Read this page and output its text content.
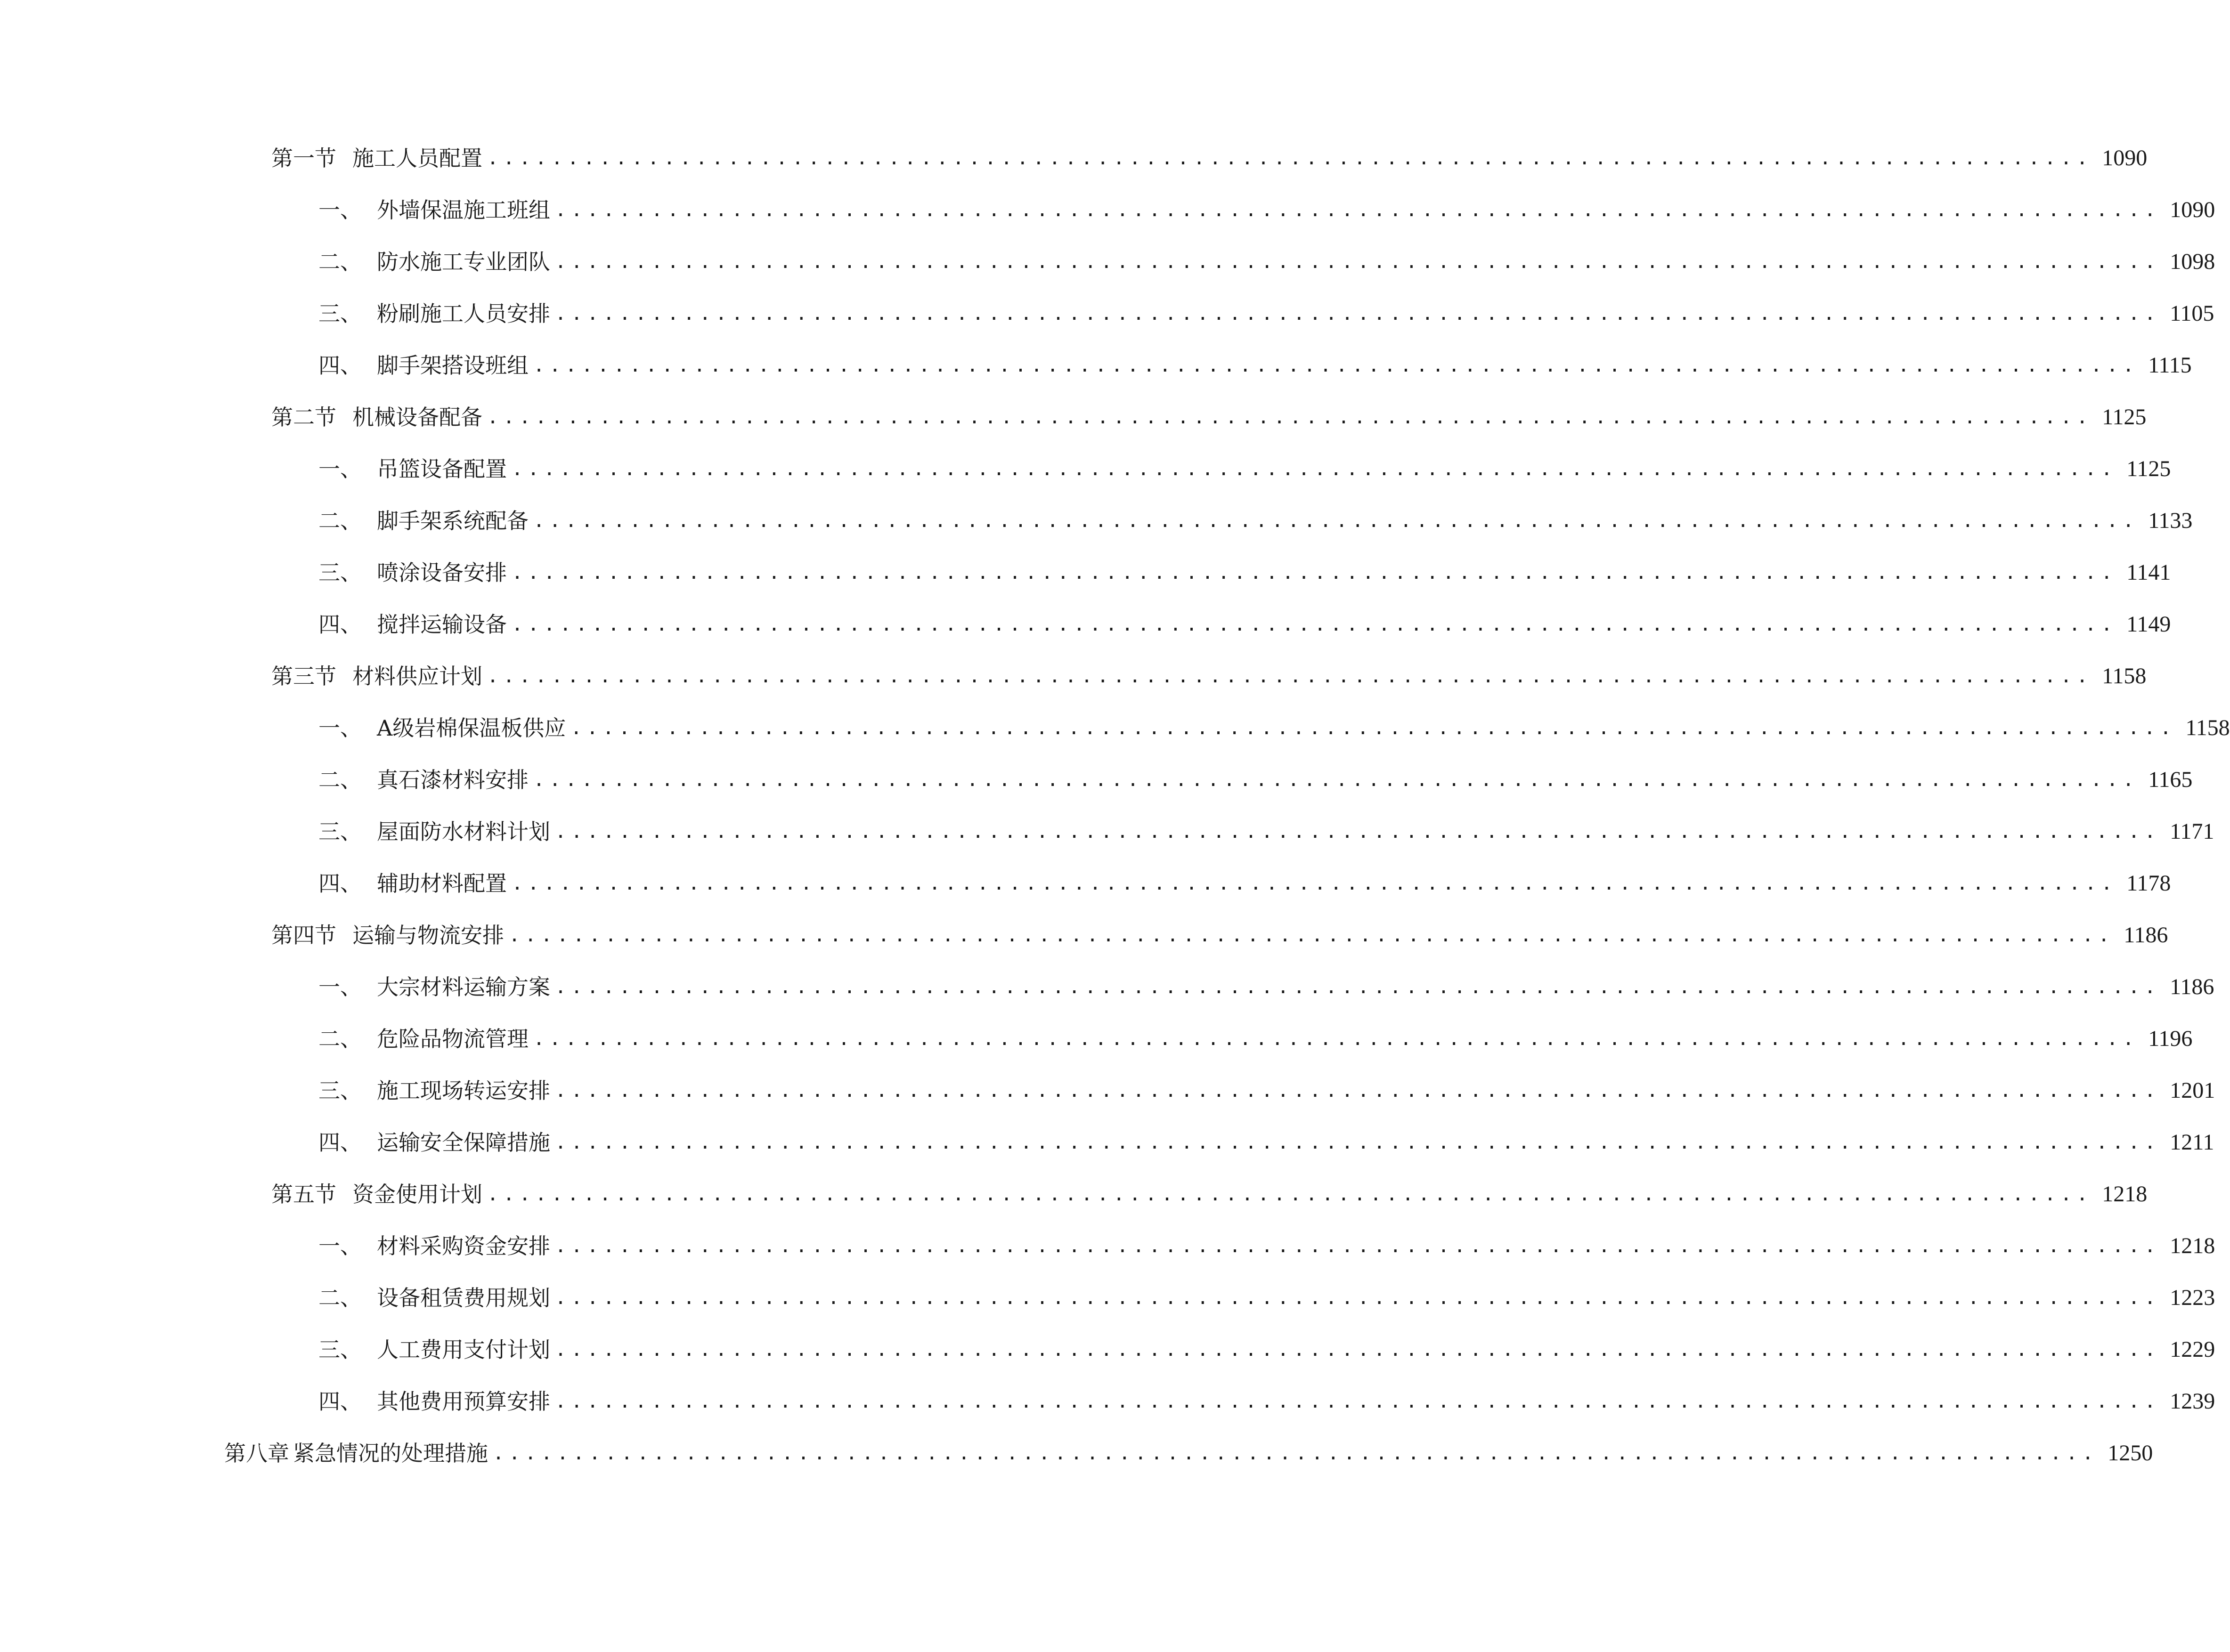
第一节 施工人员配置 .................................................................................................... 1090
一、 外墙保温施工班组 .................................................................................................... 1090
二、 防水施工专业团队 .................................................................................................... 1098
三、 粉刷施工人员安排 .................................................................................................... 1105
四、 脚手架搭设班组 .................................................................................................... 1115
第二节 机械设备配备 .................................................................................................... 1125
一、 吊篮设备配置 .................................................................................................... 1125
二、 脚手架系统配备 .................................................................................................... 1133
三、 喷涂设备安排 .................................................................................................... 1141
四、 搅拌运输设备 .................................................................................................... 1149
第三节 材料供应计划 .................................................................................................... 1158
一、 A级岩棉保温板供应 .................................................................................................... 1158
二、 真石漆材料安排 .................................................................................................... 1165
三、 屋面防水材料计划 .................................................................................................... 1171
四、 辅助材料配置 .................................................................................................... 1178
第四节 运输与物流安排 .................................................................................................... 1186
一、 大宗材料运输方案 .................................................................................................... 1186
二、 危险品物流管理 .................................................................................................... 1196
三、 施工现场转运安排 .................................................................................................... 1201
四、 运输安全保障措施 .................................................................................................... 1211
第五节 资金使用计划 .................................................................................................... 1218
一、 材料采购资金安排 .................................................................................................... 1218
二、 设备租赁费用规划 .................................................................................................... 1223
三、 人工费用支付计划 .................................................................................................... 1229
四、 其他费用预算安排 .................................................................................................... 1239
第八章 紧急情况的处理措施 .................................................................................................... 1250
